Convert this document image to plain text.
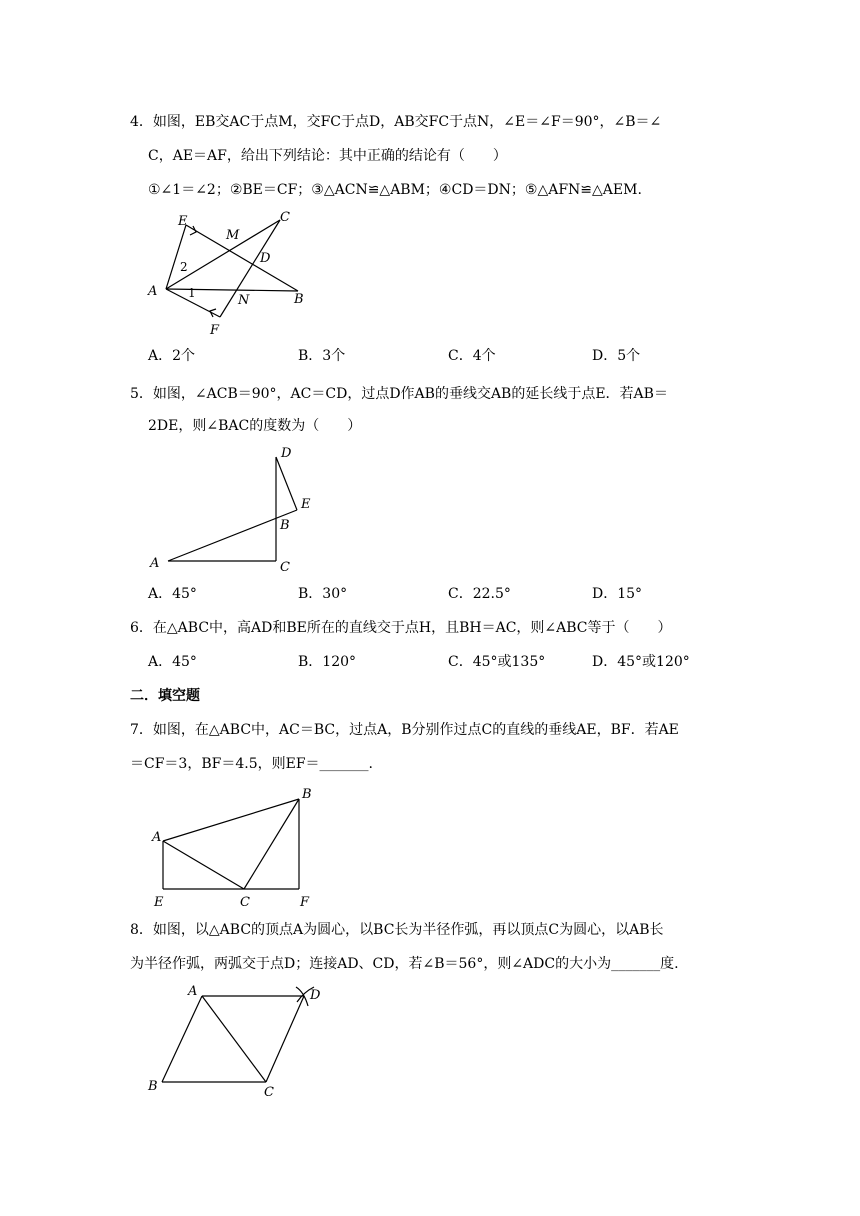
4．如图，EB交AC于点M，交FC于点D，AB交FC于点N，∠E＝∠F＝90°，∠B＝∠
C，AE＝AF，给出下列结论：其中正确的结论有（　　）
①∠1＝∠2；②BE＝CF；③△ACN≌△ABM；④CD＝DN；⑤△AFN≌△AEM.
E
M
C
D
2
A	1	N	B
F
A．2个	B．3个	C．4个	D．5个
5．如图，∠ACB＝90°，AC＝CD，过点D作AB的垂线交AB的延长线于点E．若AB＝
2DE，则∠BAC的度数为（　　）
D
E
B
A	C
A．45°	B．30°	C．22.5°	D．15°
6．在△ABC中，高AD和BE所在的直线交于点H，且BH＝AC，则∠ABC等于（　　）
A．45°	B．120°	C．45°或135°	D．45°或120°
二．填空题
7．如图，在△ABC中，AC＝BC，过点A，B分别作过点C的直线的垂线AE，BF．若AE
＝CF＝3，BF＝4.5，则EF＝_______.
B
A
E	C	F
8．如图，以△ABC的顶点A为圆心，以BC长为半径作弧，再以顶点C为圆心，以AB长
为半径作弧，两弧交于点D；连接AD、CD，若∠B＝56°，则∠ADC的大小为_______度.
A	D
B	C
